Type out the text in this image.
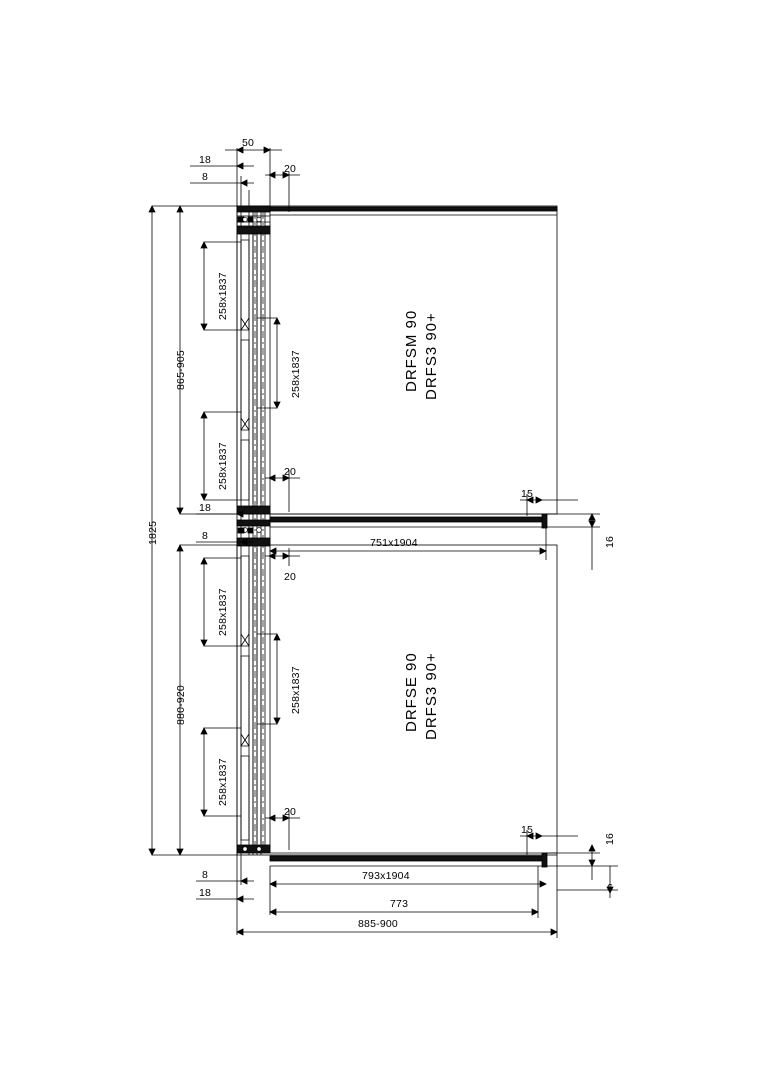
50
18
8
20
1825
865-905
880-920
258x1837
258x1837
258x1837
258x1837
258x1837
258x1837
20
18
8
20
DRFS3 90+
DRFSM 90
DRFS3 90+
DRFSE 90
751x1904
793x1904
15
16
15
16
6
20
8
18
773
885-900
